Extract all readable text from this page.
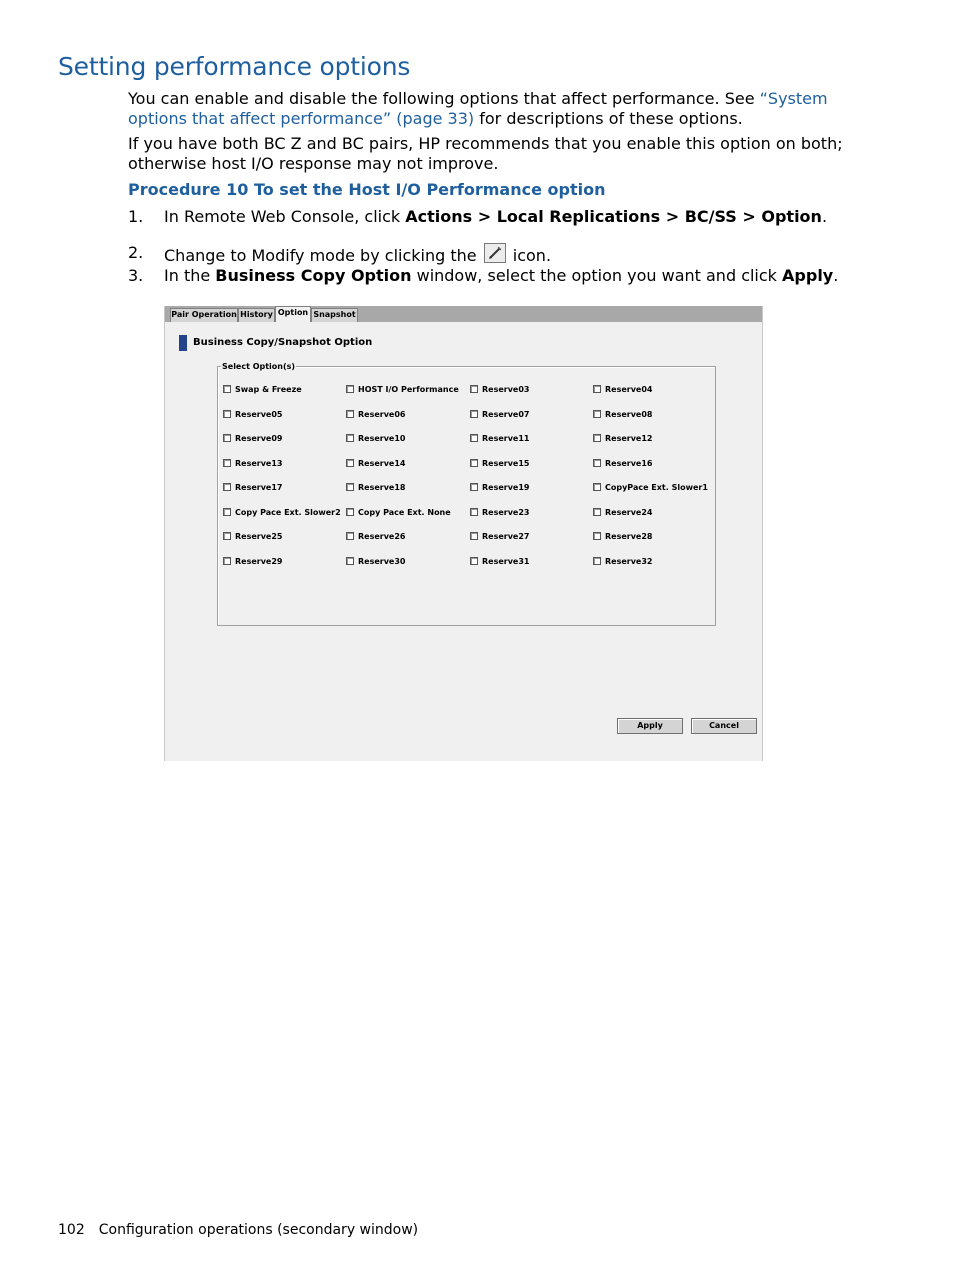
Setting performance options

You can enable and disable the following options that affect performance. See “System options that affect performance” (page 33) for descriptions of these options.

If you have both BC Z and BC pairs, HP recommends that you enable this option on both; otherwise host I/O response may not improve.

Procedure 10 To set the Host I/O Performance option

1.	In Remote Web Console, click Actions > Local Replications > BC/SS > Option.
2.	Change to Modify mode by clicking the
icon.
3.	In the Business Copy Option window, select the option you want and click Apply.
Pair Operation History Option Snapshot
Business Copy/Snapshot Option
Select Option(s)
Swap & Freeze	HOST I/O Performance	Reserve03	Reserve04
Reserve05	Reserve06	Reserve07	Reserve08
Reserve09	Reserve10	Reserve11	Reserve12
Reserve13	Reserve14	Reserve15	Reserve16
Reserve17	Reserve18	Reserve19	CopyPace Ext. Slower1
Copy Pace Ext. Slower2	Copy Pace Ext. None	Reserve23	Reserve24
Reserve25	Reserve26	Reserve27	Reserve28
Reserve29	Reserve30	Reserve31	Reserve32
Apply	Cancel
102 Configuration operations (secondary window)
